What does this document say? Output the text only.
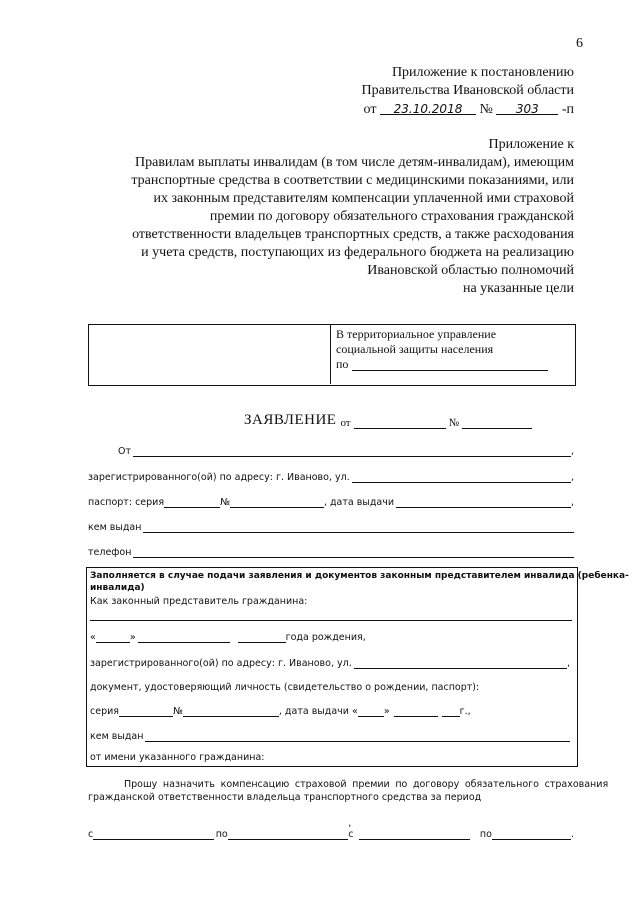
6
Приложение к постановлению
Правительства Ивановской области
от 23.10.2018 № 303 -п
Приложение к
Правилам выплаты инвалидам (в том числе детям-инвалидам), имеющим
транспортные средства в соответствии с медицинскими показаниями, или
их законным представителям компенсации уплаченной ими страховой
премии по договору обязательного страхования гражданской
ответственности владельцев транспортных средств, а также расходования
и учета средств, поступающих из федерального бюджета на реализацию
Ивановской областью полномочий
на указанные цели
В территориальное управление
социальной защиты населения
по
ЗАЯВЛЕНИЕ от	№
От	,
зарегистрированного(ой) по адресу: г. Иваново, ул.	,
паспорт: серия	№	, дата выдачи	,
кем выдан
телефон
Заполняется в случае подачи заявления и документов законным представителем инвалида (ребенка-
инвалида)
Как законный представитель гражданина:
«	»	года рождения,
зарегистрированного(ой) по адресу: г. Иваново, ул.	,
документ, удостоверяющий личность (свидетельство о рождении, паспорт):
серия	№	, дата выдачи «	»	г.,
кем выдан
от имени указанного гражданина:
Прошу назначить компенсацию страховой премии по договору обязательного страхования
гражданской ответственности владельца транспортного средства за период
с	по
, с	по	.
